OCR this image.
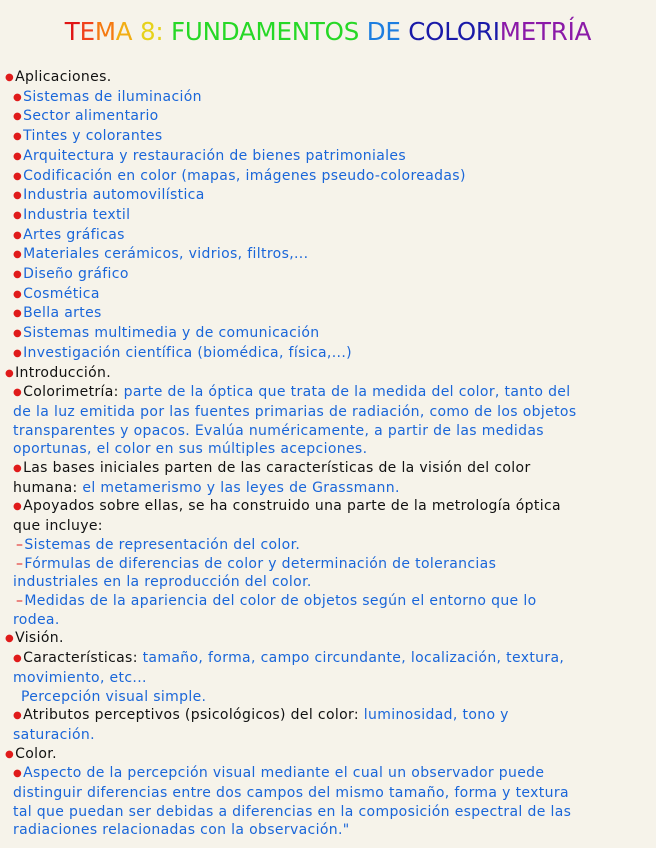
TEMA 8: FUNDAMENTOS DE COLORIMETRÍA
●Aplicaciones.
●Sistemas de iluminación
●Sector alimentario
●Tintes y colorantes
●Arquitectura y restauración de bienes patrimoniales
●Codificación en color (mapas, imágenes pseudo-coloreadas)
●Industria automovilística
●Industria textil
●Artes gráficas
●Materiales cerámicos, vidrios, filtros,...
●Diseño gráfico
●Cosmética
●Bella artes
●Sistemas multimedia y de comunicación
●Investigación científica (biomédica, física,...)
●Introducción.
●Colorimetría: parte de la óptica que trata de la medida del color, tanto del
de la luz emitida por las fuentes primarias de radiación, como de los objetos
transparentes y opacos. Evalúa numéricamente, a partir de las medidas
oportunas, el color en sus múltiples acepciones.
●Las bases iniciales parten de las características de la visión del color
humana: el metamerismo y las leyes de Grassmann.
●Apoyados sobre ellas, se ha construido una parte de la metrología óptica
que incluye:
–Sistemas de representación del color.
–Fórmulas de diferencias de color y determinación de tolerancias
industriales en la reproducción del color.
–Medidas de la apariencia del color de objetos según el entorno que lo
rodea.
●Visión.
●Características: tamaño, forma, campo circundante, localización, textura,
movimiento, etc...
Percepción visual simple.
●Atributos perceptivos (psicológicos) del color: luminosidad, tono y
saturación.
●Color.
●Aspecto de la percepción visual mediante el cual un observador puede
distinguir diferencias entre dos campos del mismo tamaño, forma y textura
tal que puedan ser debidas a diferencias en la composición espectral de las
radiaciones relacionadas con la observación."
